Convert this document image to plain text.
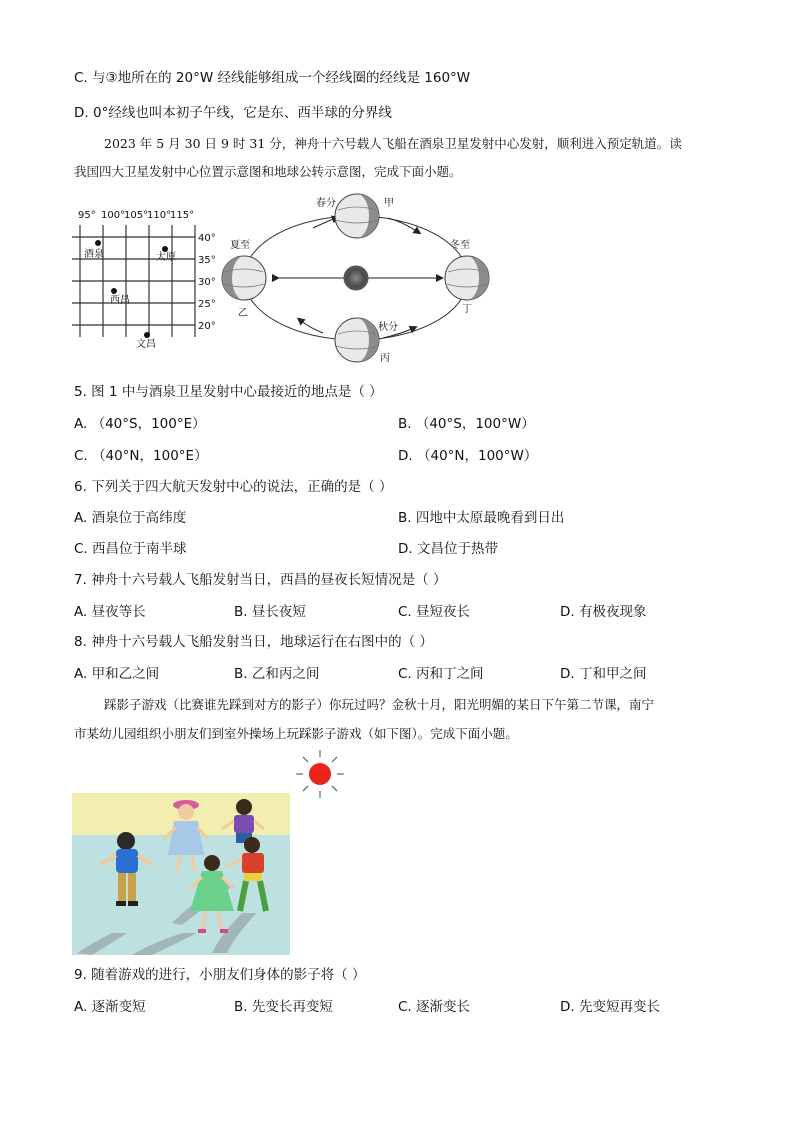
C. 与③地所在的 20°W 经线能够组成一个经线圈的经线是 160°W
D. 0°经线也叫本初子午线，它是东、西半球的分界线
2023 年 5 月 30 日 9 时 31 分，神舟十六号载人飞船在酒泉卫星发射中心发射，顺利进入预定轨道。读
我国四大卫星发射中心位置示意图和地球公转示意图，完成下面小题。
95° 100°
105°
110°
115°
40°
35°
30°
25°
20°
酒泉	太原
西昌
文昌
春分	甲
夏至
乙
冬至
丁
秋分
丙
5. 图 1 中与酒泉卫星发射中心最接近的地点是（ ）
A. （40°S，100°E）	B. （40°S，100°W）
C. （40°N，100°E）	D. （40°N，100°W）
6. 下列关于四大航天发射中心的说法，正确的是（ ）
A. 酒泉位于高纬度	B. 四地中太原最晚看到日出
C. 西昌位于南半球	D. 文昌位于热带
7. 神舟十六号载人飞船发射当日，西昌的昼夜长短情况是（ ）
A. 昼夜等长	B. 昼长夜短	C. 昼短夜长	D. 有极夜现象
8. 神舟十六号载人飞船发射当日，地球运行在右图中的（ ）
A. 甲和乙之间	B. 乙和丙之间	C. 丙和丁之间	D. 丁和甲之间
踩影子游戏（比赛谁先踩到对方的影子）你玩过吗？金秋十月，阳光明媚的某日下午第二节课，南宁
市某幼儿园组织小朋友们到室外操场上玩踩影子游戏（如下图）。完成下面小题。
9. 随着游戏的进行，小朋友们身体的影子将（ ）
A. 逐渐变短	B. 先变长再变短	C. 逐渐变长	D. 先变短再变长
